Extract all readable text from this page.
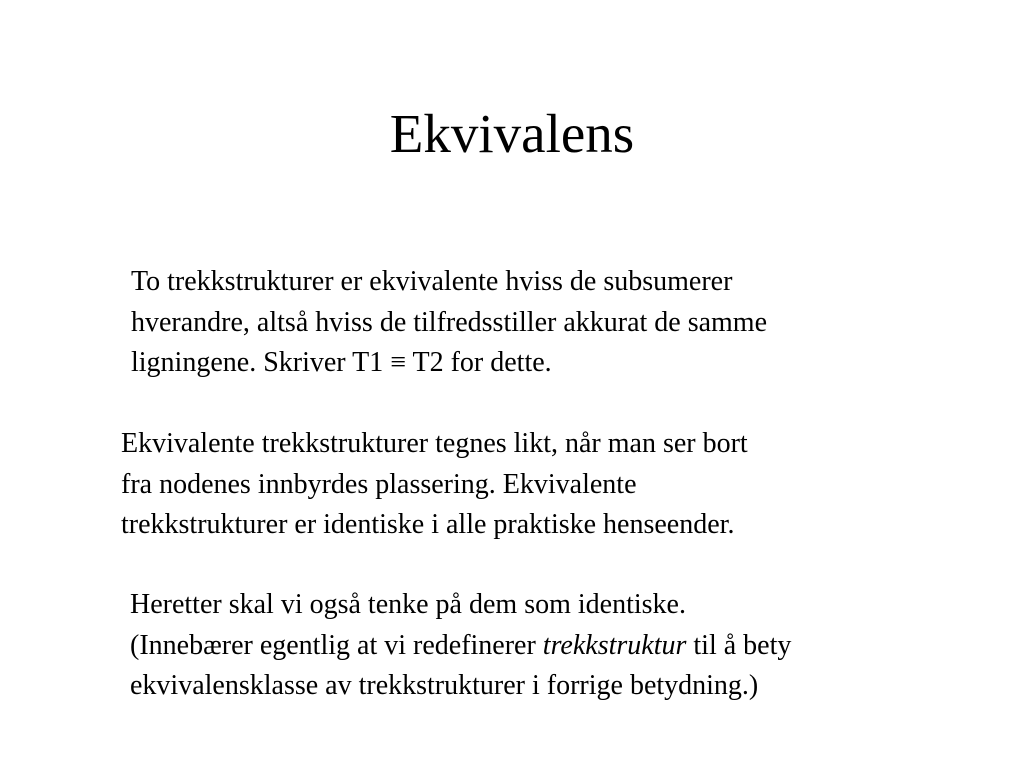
Ekvivalens

To trekkstrukturer er ekvivalente hviss de subsumerer
hverandre, altså hviss de tilfredsstiller akkurat de samme
ligningene. Skriver T1 ≡ T2 for dette.

Ekvivalente trekkstrukturer tegnes likt, når man ser bort
fra nodenes innbyrdes plassering. Ekvivalente
trekkstrukturer er identiske i alle praktiske henseender.

Heretter skal vi også tenke på dem som identiske.
(Innebærer egentlig at vi redefinerer trekkstruktur til å bety
ekvivalensklasse av trekkstrukturer i forrige betydning.)
